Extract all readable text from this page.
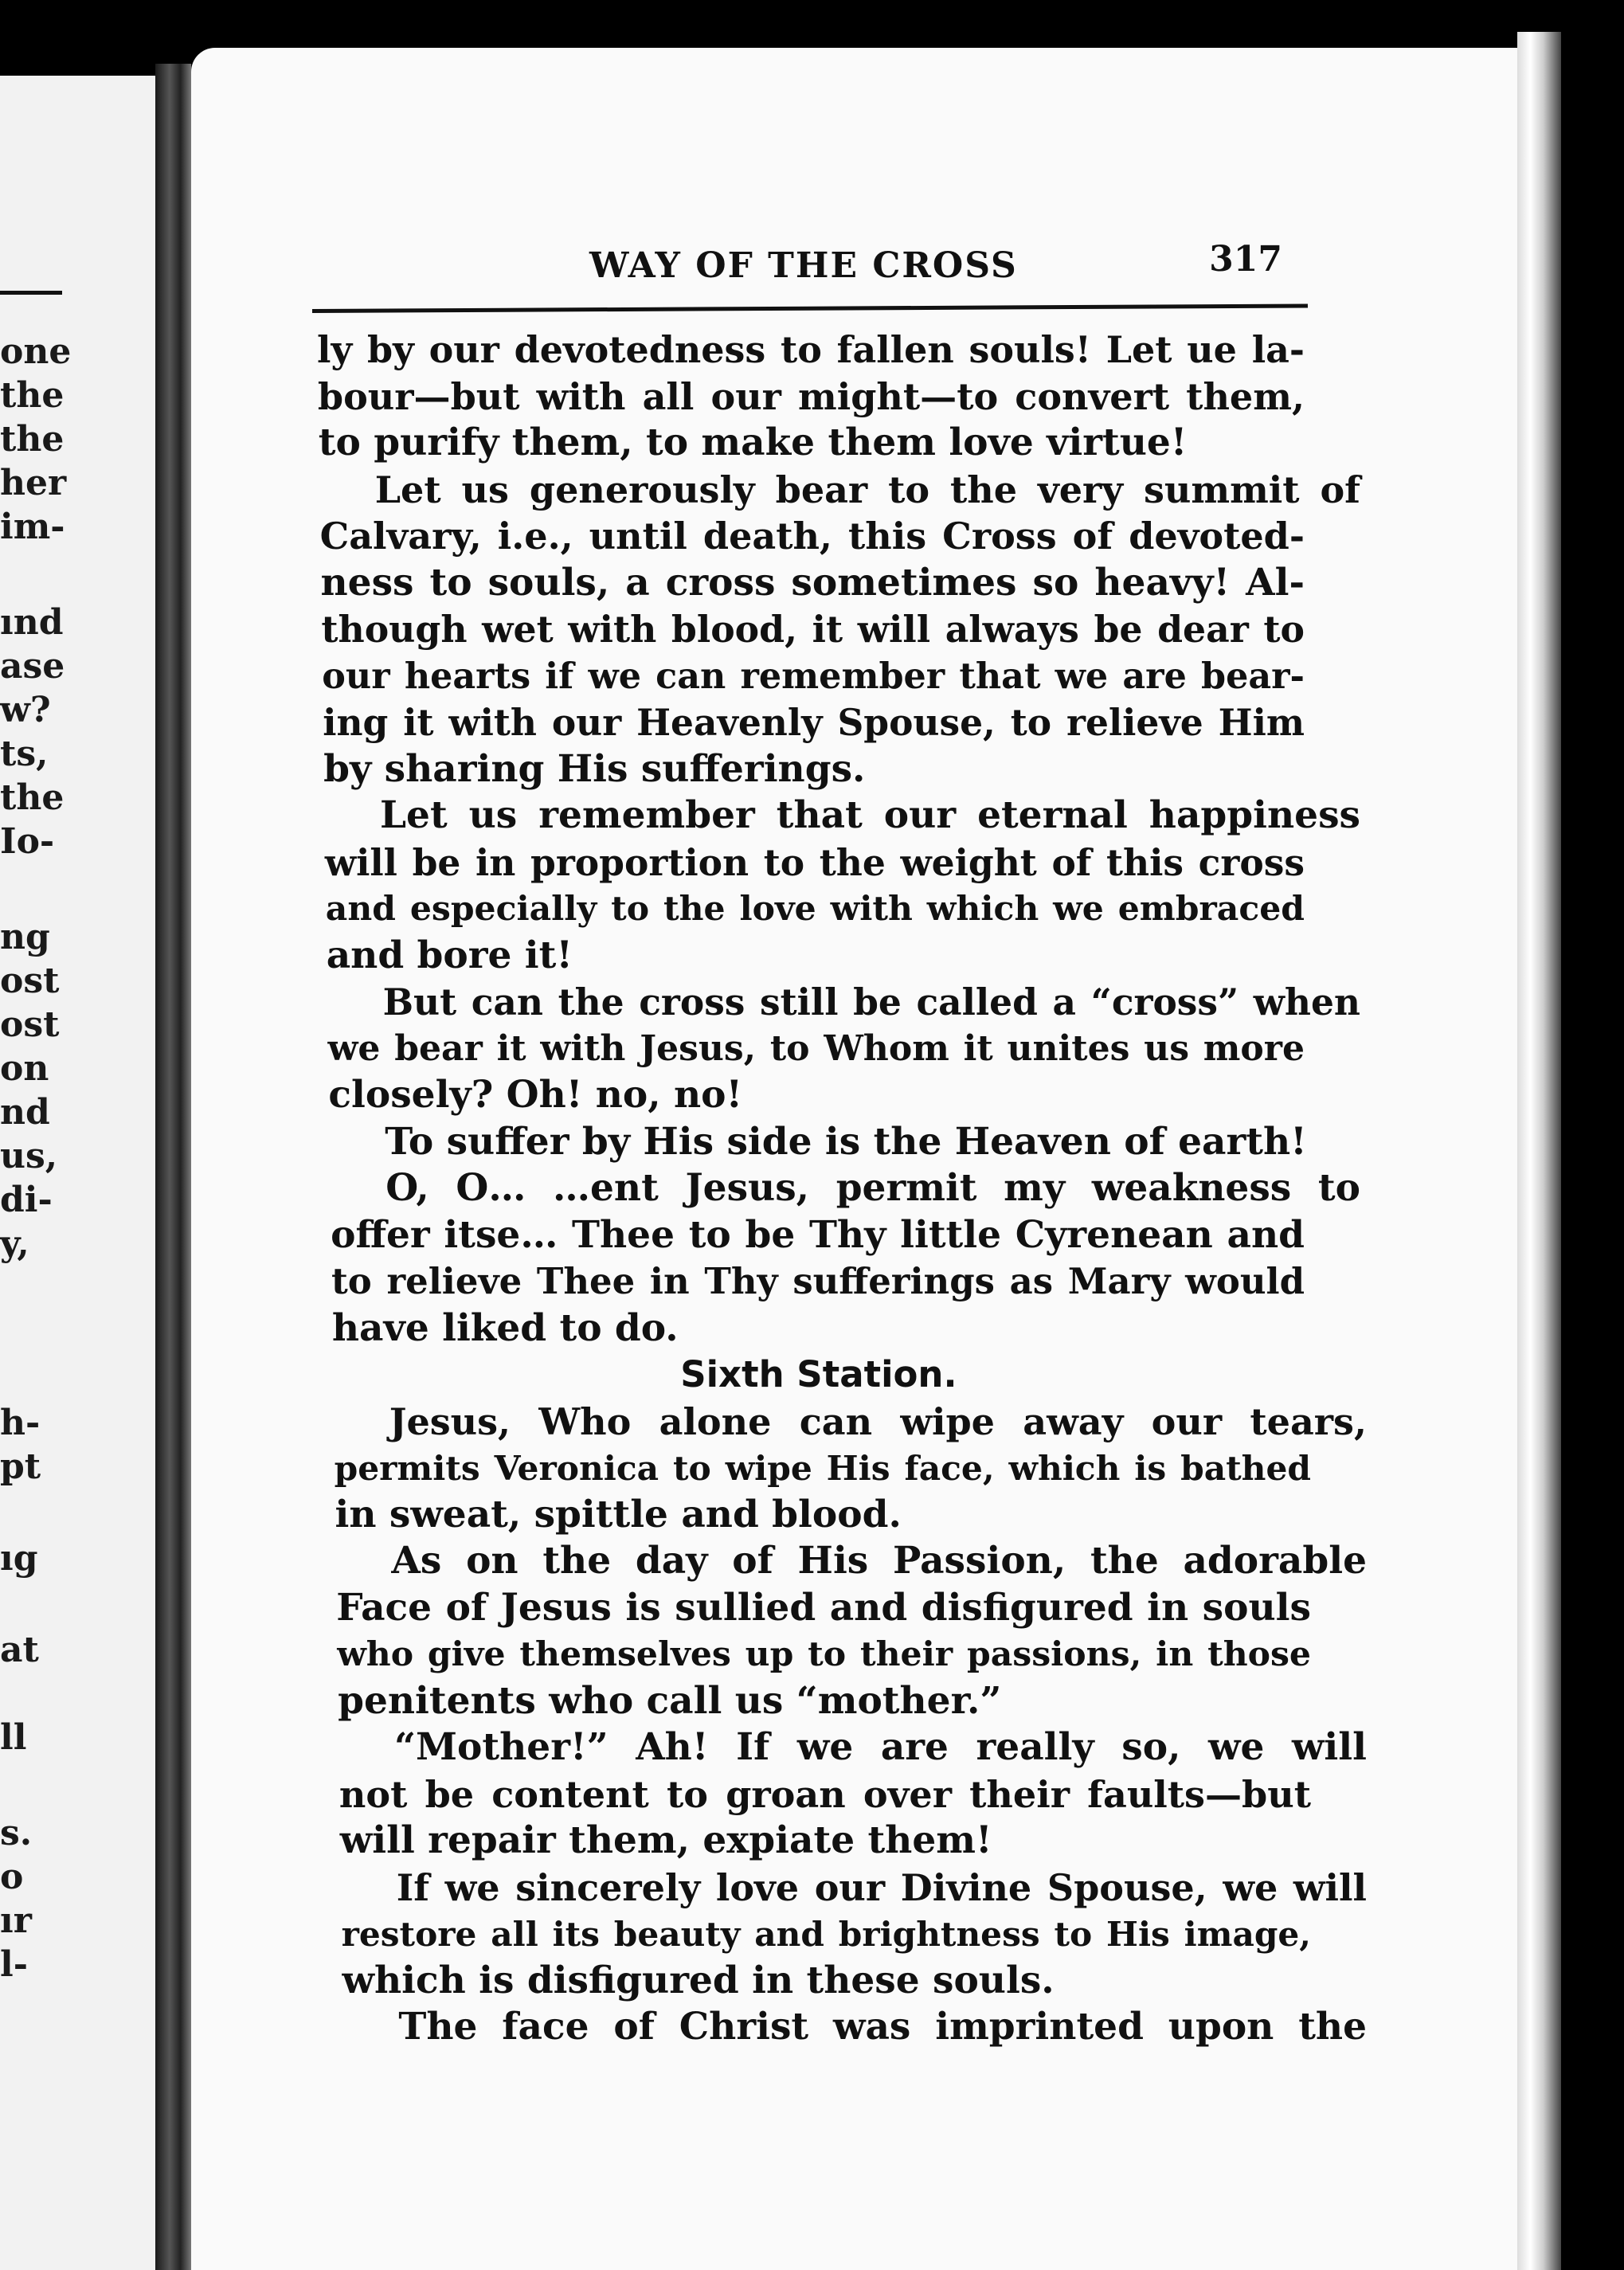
one
the
the
her
im-
ınd
ase
w?
ts,
the
Io-
ng
ost
ost
on
nd
us,
di-
y,
h-
pt
ıg
at
ll
s.
o
ır
l-
WAY OF THE CROSS	317
ly by our devotedness to fallen souls! Let ue la-
bour—but with all our might—to convert them,
to purify them, to make them love virtue!
Let us generously bear to the very summit of
Calvary, i.e., until death, this Cross of devoted-
ness to souls, a cross sometimes so heavy! Al-
though wet with blood, it will always be dear to
our hearts if we can remember that we are bear-
ing it with our Heavenly Spouse, to relieve Him
by sharing His sufferings.
Let us remember that our eternal happiness
will be in proportion to the weight of this cross
and especially to the love with which we embraced
and bore it!
But can the cross still be called a “cross” when
we bear it with Jesus, to Whom it unites us more
closely? Oh! no, no!
To suffer by His side is the Heaven of earth!
O, O… …ent Jesus, permit my weakness to
offer itse… Thee to be Thy little Cyrenean and
to relieve Thee in Thy sufferings as Mary would
have liked to do.
Sixth Station.
Jesus, Who alone can wipe away our tears,
permits Veronica to wipe His face, which is bathed
in sweat, spittle and blood.
As on the day of His Passion, the adorable
Face of Jesus is sullied and disfigured in souls
who give themselves up to their passions, in those
penitents who call us “mother.”
“Mother!” Ah! If we are really so, we will
not be content to groan over their faults—but
will repair them, expiate them!
If we sincerely love our Divine Spouse, we will
restore all its beauty and brightness to His image,
which is disfigured in these souls.
The face of Christ was imprinted upon the
